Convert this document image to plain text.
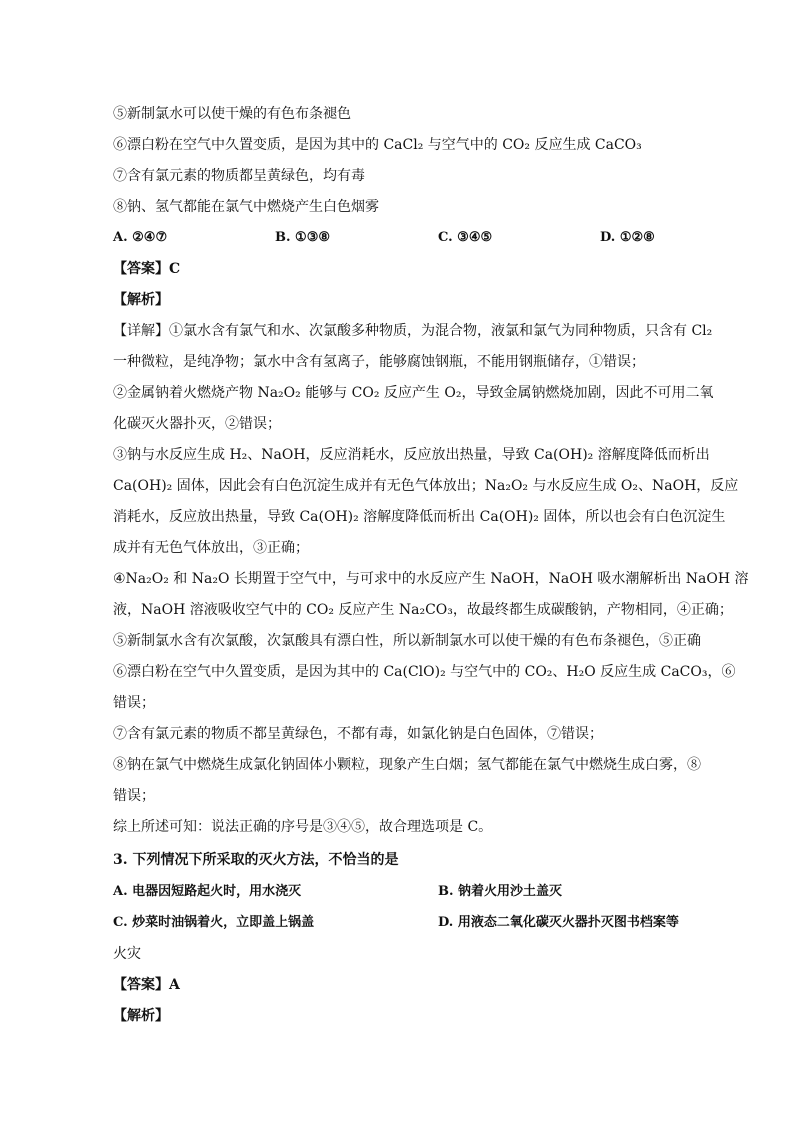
⑤新制氯水可以使干燥的有色布条褪色
⑥漂白粉在空气中久置变质，是因为其中的 CaCl₂ 与空气中的 CO₂ 反应生成 CaCO₃
⑦含有氯元素的物质都呈黄绿色，均有毒
⑧钠、氢气都能在氯气中燃烧产生白色烟雾
A. ②④⑦	B. ①③⑧	C. ③④⑤	D. ①②⑧
【答案】C
【解析】
【详解】①氯水含有氯气和水、次氯酸多种物质，为混合物，液氯和氯气为同种物质，只含有 Cl₂
一种微粒，是纯净物；氯水中含有氢离子，能够腐蚀钢瓶，不能用钢瓶储存，①错误；
②金属钠着火燃烧产物 Na₂O₂ 能够与 CO₂ 反应产生 O₂，导致金属钠燃烧加剧，因此不可用二氧
化碳灭火器扑灭，②错误；
③钠与水反应生成 H₂、NaOH，反应消耗水，反应放出热量，导致 Ca(OH)₂ 溶解度降低而析出
Ca(OH)₂ 固体，因此会有白色沉淀生成并有无色气体放出；Na₂O₂ 与水反应生成 O₂、NaOH，反应
消耗水，反应放出热量，导致 Ca(OH)₂ 溶解度降低而析出 Ca(OH)₂ 固体，所以也会有白色沉淀生
成并有无色气体放出，③正确；
④Na₂O₂ 和 Na₂O 长期置于空气中，与可求中的水反应产生 NaOH，NaOH 吸水潮解析出 NaOH 溶
液，NaOH 溶液吸收空气中的 CO₂ 反应产生 Na₂CO₃，故最终都生成碳酸钠，产物相同，④正确；
⑤新制氯水含有次氯酸，次氯酸具有漂白性，所以新制氯水可以使干燥的有色布条褪色，⑤正确
⑥漂白粉在空气中久置变质，是因为其中的 Ca(ClO)₂ 与空气中的 CO₂、H₂O 反应生成 CaCO₃，⑥
错误；
⑦含有氯元素的物质不都呈黄绿色，不都有毒，如氯化钠是白色固体，⑦错误；
⑧钠在氯气中燃烧生成氯化钠固体小颗粒，现象产生白烟；氢气都能在氯气中燃烧生成白雾，⑧
错误；
综上所述可知：说法正确的序号是③④⑤，故合理选项是 C。
3. 下列情况下所采取的灭火方法，不恰当的是
A. 电器因短路起火时，用水浇灭	B. 钠着火用沙土盖灭
C. 炒菜时油锅着火，立即盖上锅盖	D. 用液态二氧化碳灭火器扑灭图书档案等
火灾
【答案】A
【解析】
